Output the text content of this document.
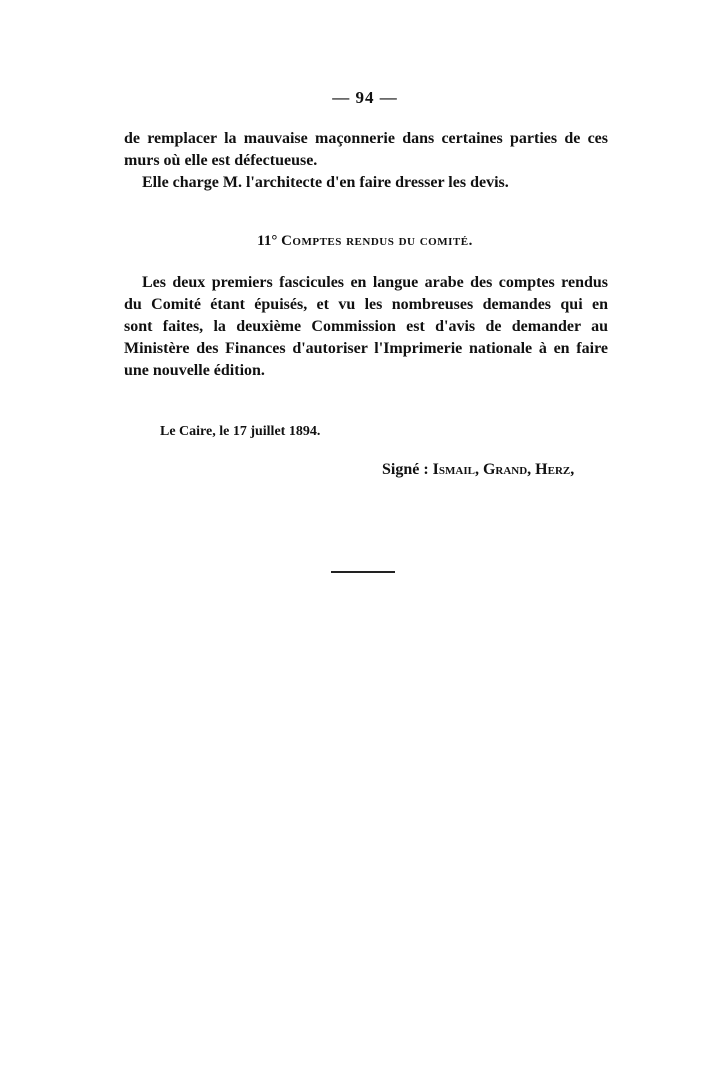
— 94 —
de remplacer la mauvaise maçonnerie dans certaines parties de ces
murs où elle est défectueuse.
Elle charge M. l'architecte d'en faire dresser les devis.
11° Comptes rendus du comité.
Les deux premiers fascicules en langue arabe des comptes rendus
du Comité étant épuisés, et vu les nombreuses demandes qui en
sont faites, la deuxième Commission est d'avis de demander au
Ministère des Finances d'autoriser l'Imprimerie nationale à en faire
une nouvelle édition.
Le Caire, le 17 juillet 1894.
Signé : Ismail, Grand, Herz,
